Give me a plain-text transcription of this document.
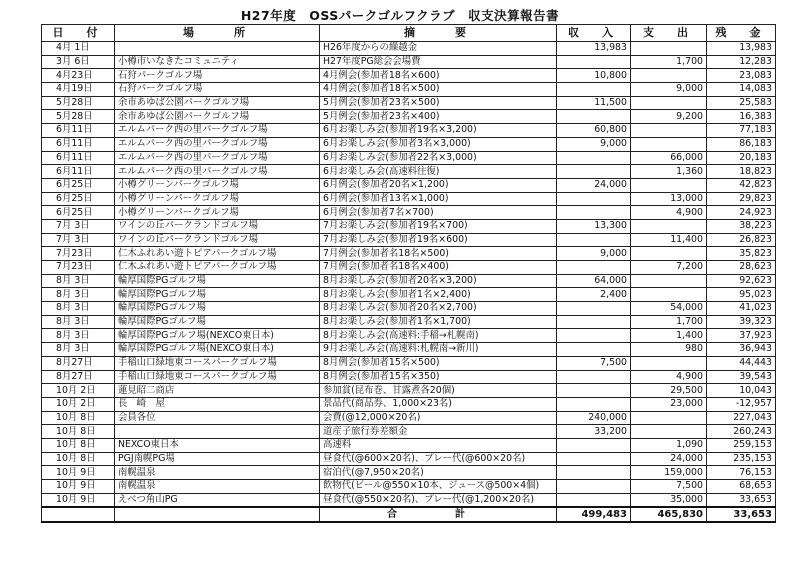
H27年度　OSSパークゴルフクラブ　収支決算報告書
日　付	場　　所	摘　　要	収　入	支　出	残　金
4月 1日		H26年度からの繰越金	13,983		13,983
3月 6日	小樽市いなきたコミュニティ	H27年度PG総会会場費		1,700	12,283
4月23日	石狩パークゴルフ場	4月例会(参加者18名×600)	10,800		23,083
4月19日	石狩パークゴルフ場	4月例会(参加者18名×500)		9,000	14,083
5月28日	余市あゆば公園パークゴルフ場	5月例会(参加者23名×500)	11,500		25,583
5月28日	余市あゆば公園パークゴルフ場	5月例会(参加者23名×400)		9,200	16,383
6月11日	エルムパーク西の里パークゴルフ場	6月お楽しみ会(参加者19名×3,200)	60,800		77,183
6月11日	エルムパーク西の里パークゴルフ場	6月お楽しみ会(参加者3名×3,000)	9,000		86,183
6月11日	エルムパーク西の里パークゴルフ場	6月お楽しみ会(参加者22名×3,000)		66,000	20,183
6月11日	エルムパーク西の里パークゴルフ場	6月お楽しみ会(高速料往復)		1,360	18,823
6月25日	小樽グリーンパークゴルフ場	6月例会(参加者20名×1,200)	24,000		42,823
6月25日	小樽グリーンパークゴルフ場	6月例会(参加者13名×1,000)		13,000	29,823
6月25日	小樽グリーンパークゴルフ場	6月例会(参加者7名×700)		4,900	24,923
7月 3日	ワインの丘パークランドゴルフ場	7月お楽しみ会(参加者19名×700)	13,300		38,223
7月 3日	ワインの丘パークランドゴルフ場	7月お楽しみ会(参加者19名×600)		11,400	26,823
7月23日	仁木ふれあい遊トピアパークゴルフ場	7月例会(参加者名18名×500)	9,000		35,823
7月23日	仁木ふれあい遊トピアパークゴルフ場	7月例会(参加者名18名×400)		7,200	28,623
8月 3日	輪厚国際PGゴルフ場	8月お楽しみ会(参加者20名×3,200)	64,000		92,623
8月 3日	輪厚国際PGゴルフ場	8月お楽しみ会(参加者1名×2,400)	2,400		95,023
8月 3日	輪厚国際PGゴルフ場	8月お楽しみ会(参加者20名×2,700)		54,000	41,023
8月 3日	輪厚国際PGゴルフ場	8月お楽しみ会(参加者1名×1,700)		1,700	39,323
8月 3日	輪厚国際PGゴルフ場(NEXCO東日本)	8月お楽しみ会(高速料:手稲→札幌南)		1,400	37,923
8月 3日	輪厚国際PGゴルフ場(NEXCO東日本)	9月お楽しみ会(高速料:札幌南→新川)		980	36,943
8月27日	手稲山口緑地東コースパークゴルフ場	8月例会(参加者15名×500)	7,500		44,443
8月27日	手稲山口緑地東コースパークゴルフ場	8月例会(参加者15名×350)		4,900	39,543
10月 2日	蓮見昭二商店	参加賞(昆布巻、甘露煮各20個)		29,500	10,043
10月 2日	長　崎　屋	景品代(商品券、1,000×23名)		23,000	-12,957
10月 8日	会員各位	会費(@12,000×20名)	240,000		227,043
10月 8日		道産子旅行券差額金	33,200		260,243
10月 8日	NEXCO東日本	高速料		1,090	259,153
10月 8日	PGJ南幌PG場	昼食代(@600×20名)、プレー代(@600×20名)		24,000	235,153
10月 9日	南幌温泉	宿泊代(@7,950×20名)		159,000	76,153
10月 9日	南幌温泉	飲物代(ビール@550×10本、ジュース@500×4個)		7,500	68,653
10月 9日	えべつ角山PG	昼食代(@550×20名)、プレー代(@1,200×20名)		35,000	33,653
		合　計	499,483	465,830	33,653
